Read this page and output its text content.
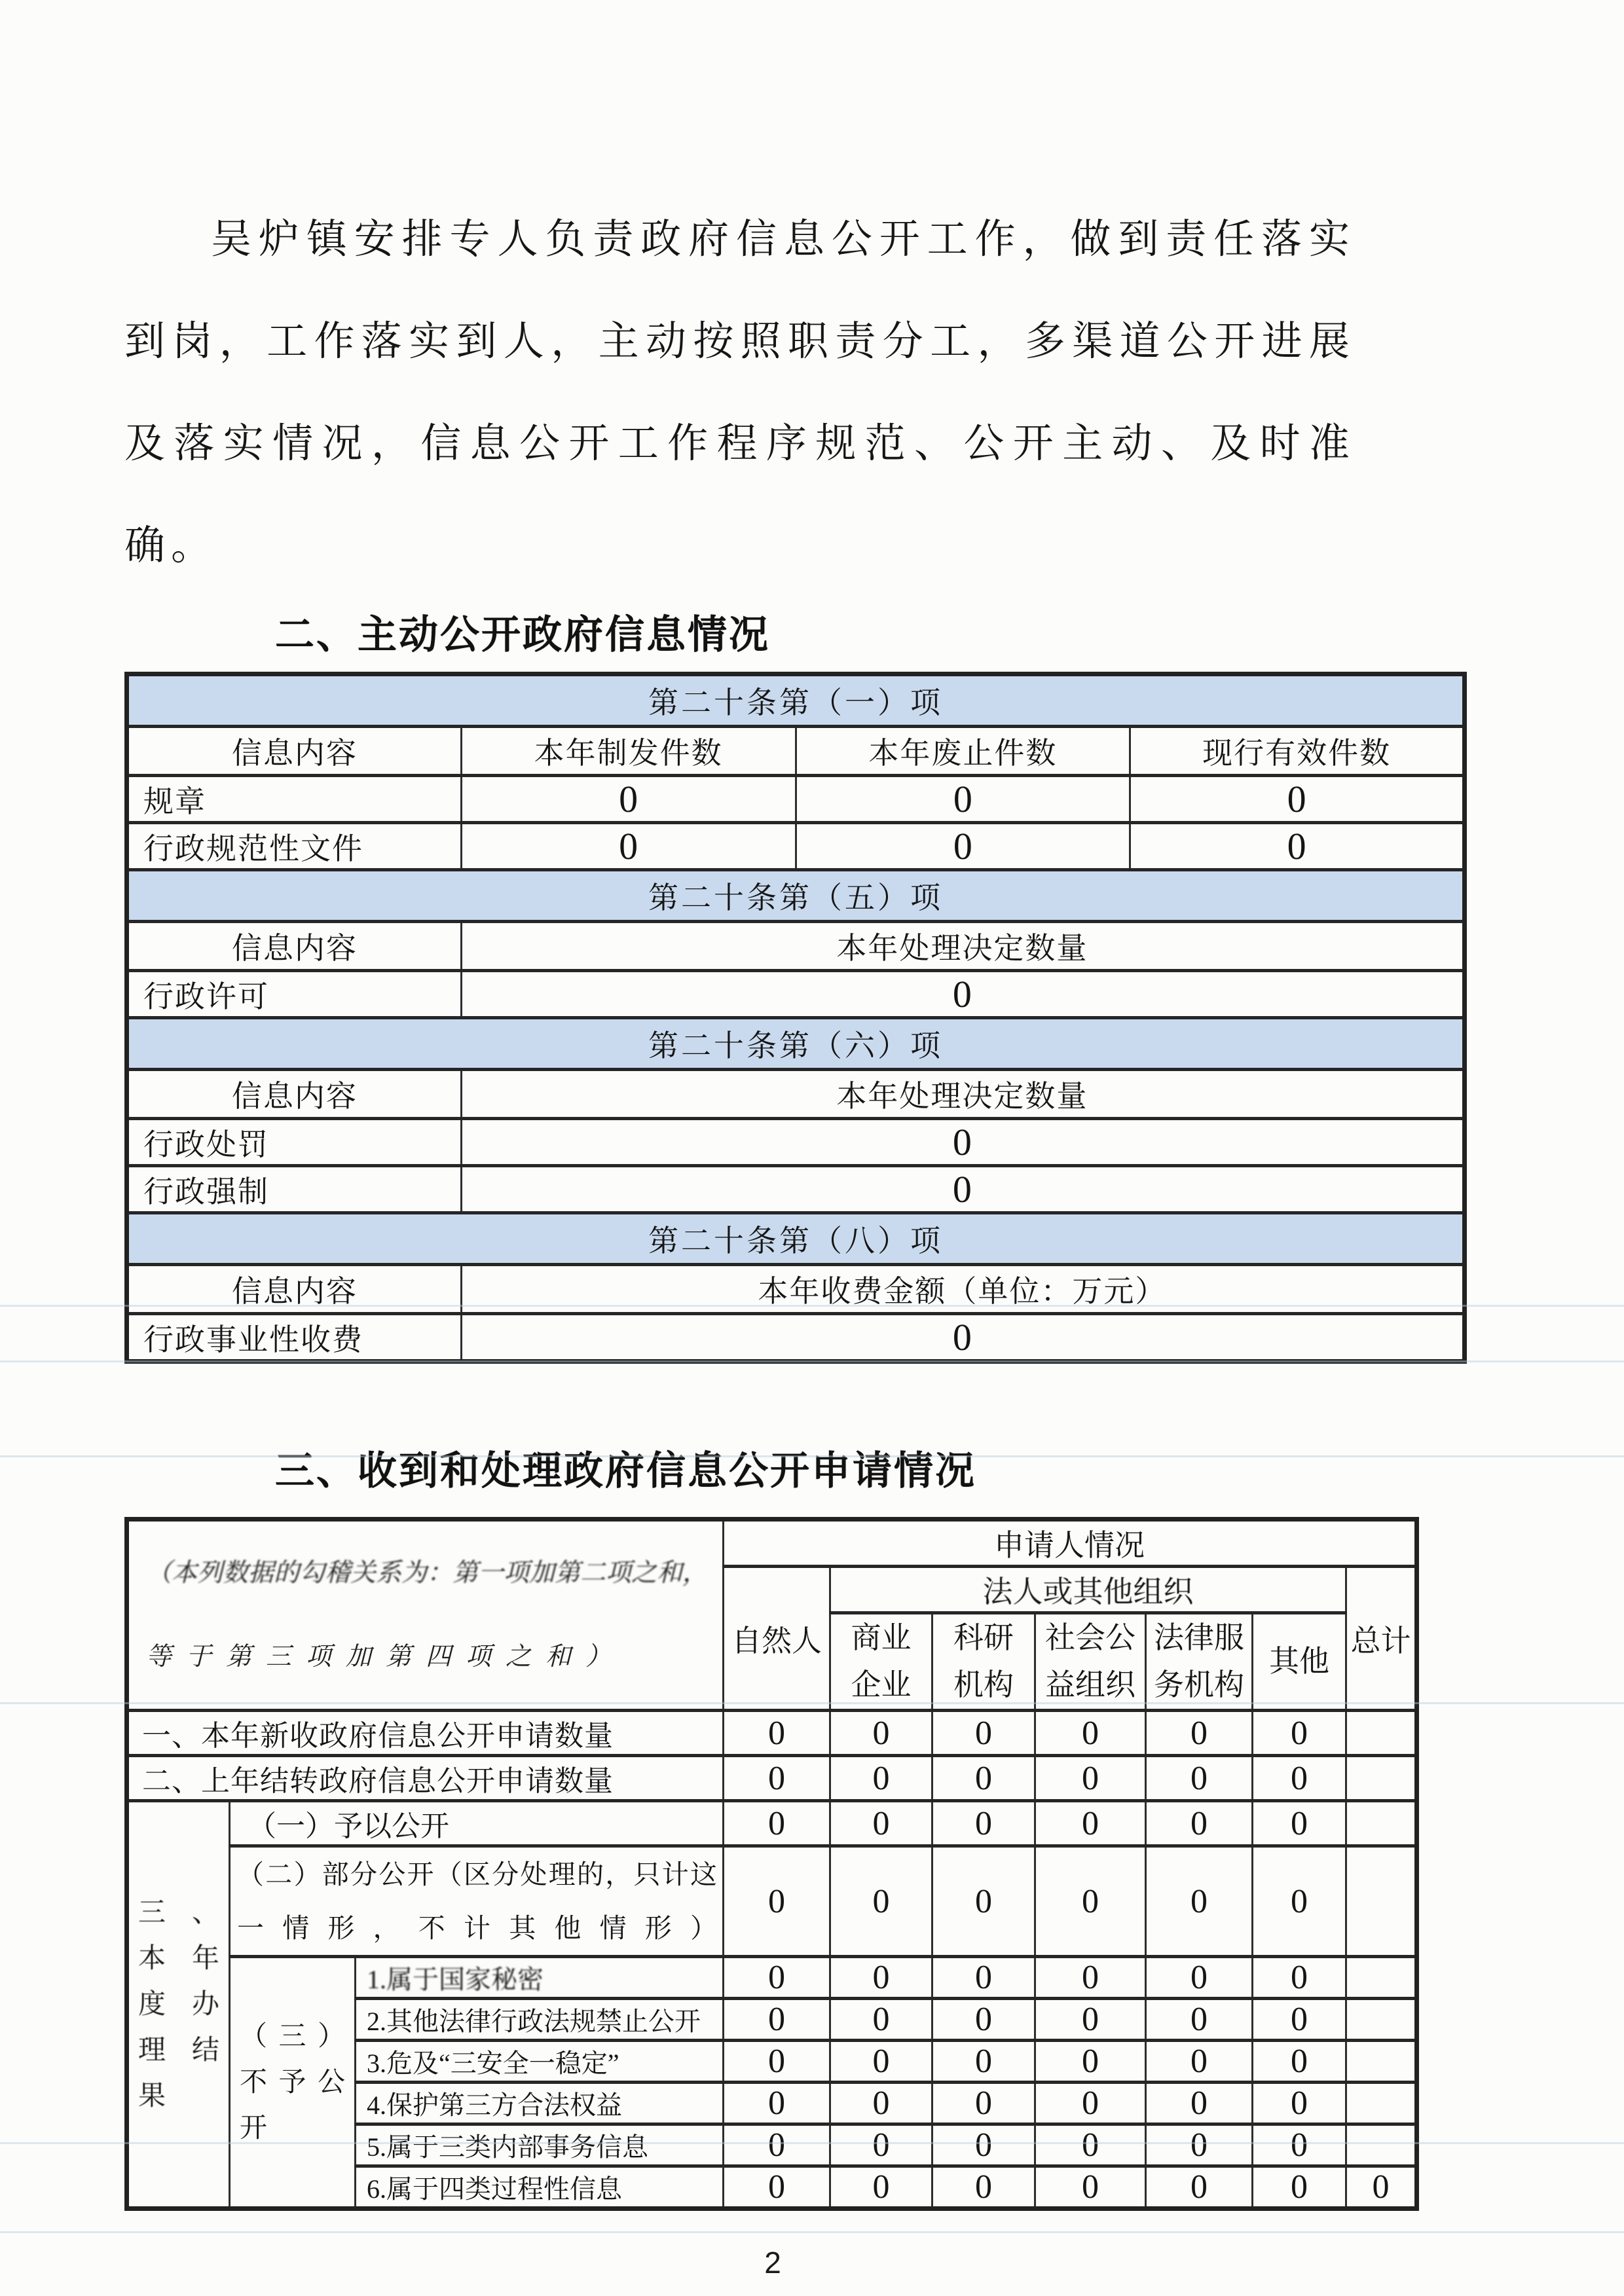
吴炉镇安排专人负责政府信息公开工作，做到责任落实到岗，工作落实到人，主动按照职责分工，多渠道公开进展及落实情况，信息公开工作程序规范、公开主动、及时准确。

二、主动公开政府信息情况
第二十条第（一）项			
信息内容	本年制发件数	本年废止件数	现行有效件数
规章	0	0	0
行政规范性文件	0	0	0
第二十条第（五）项			
信息内容	本年处理决定数量		
行政许可	0		
第二十条第（六）项			
信息内容	本年处理决定数量		
行政处罚	0		
行政强制	0		
第二十条第（八）项			
信息内容	本年收费金额（单位：万元）		
行政事业性收费	0		
三、收到和处理政府信息公开申请情况
（本列数据的勾稽关系为：第一项加第二项之和，
等于第三项加第四项之和）			申请人情况						
			自然人	法人或其他组织					总计
				商业企业	科研机构	社会公益组织	法律服务机构	其他	
一、本年新收政府信息公开申请数量			0	0	0	0	0	0	
二、上年结转政府信息公开申请数量			0	0	0	0	0	0	
三、本年度办理结果	（一）予以公开		0	0	0	0	0	0	
	（二）部分公开（区分处理的，只计这一情形，不计其他情形）		0	0	0	0	0	0	
	（三）不予公开	1.属于国家秘密	0	0	0	0	0	0	
		2.其他法律行政法规禁止公开	0	0	0	0	0	0	
		3.危及“三安全一稳定”	0	0	0	0	0	0	
		4.保护第三方合法权益	0	0	0	0	0	0	
		5.属于三类内部事务信息	0	0	0	0	0	0	
		6.属于四类过程性信息	0	0	0	0	0	0	0
2
